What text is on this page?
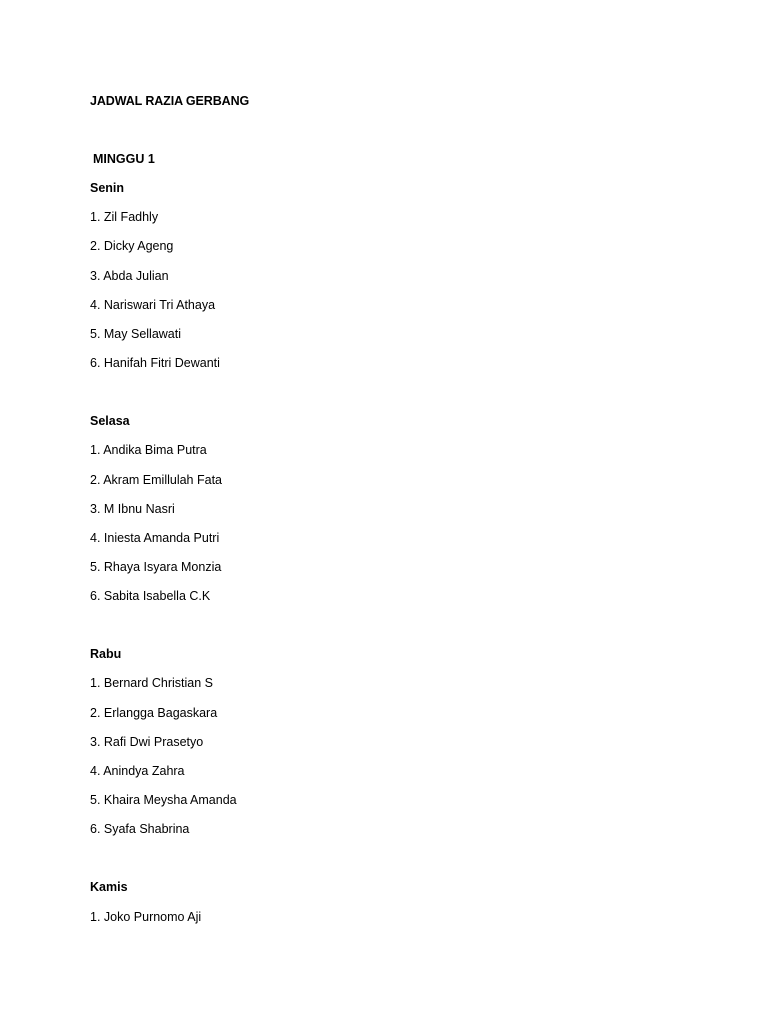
JADWAL RAZIA GERBANG
MINGGU 1
Senin
1. Zil Fadhly
2. Dicky Ageng
3. Abda Julian
4. Nariswari Tri Athaya
5. May Sellawati
6. Hanifah Fitri Dewanti
Selasa
1. Andika Bima Putra
2. Akram Emillulah Fata
3. M Ibnu Nasri
4. Iniesta Amanda Putri
5. Rhaya Isyara Monzia
6. Sabita Isabella C.K
Rabu
1. Bernard Christian S
2. Erlangga Bagaskara
3. Rafi Dwi Prasetyo
4. Anindya Zahra
5. Khaira Meysha Amanda
6. Syafa Shabrina
Kamis
1. Joko Purnomo Aji
